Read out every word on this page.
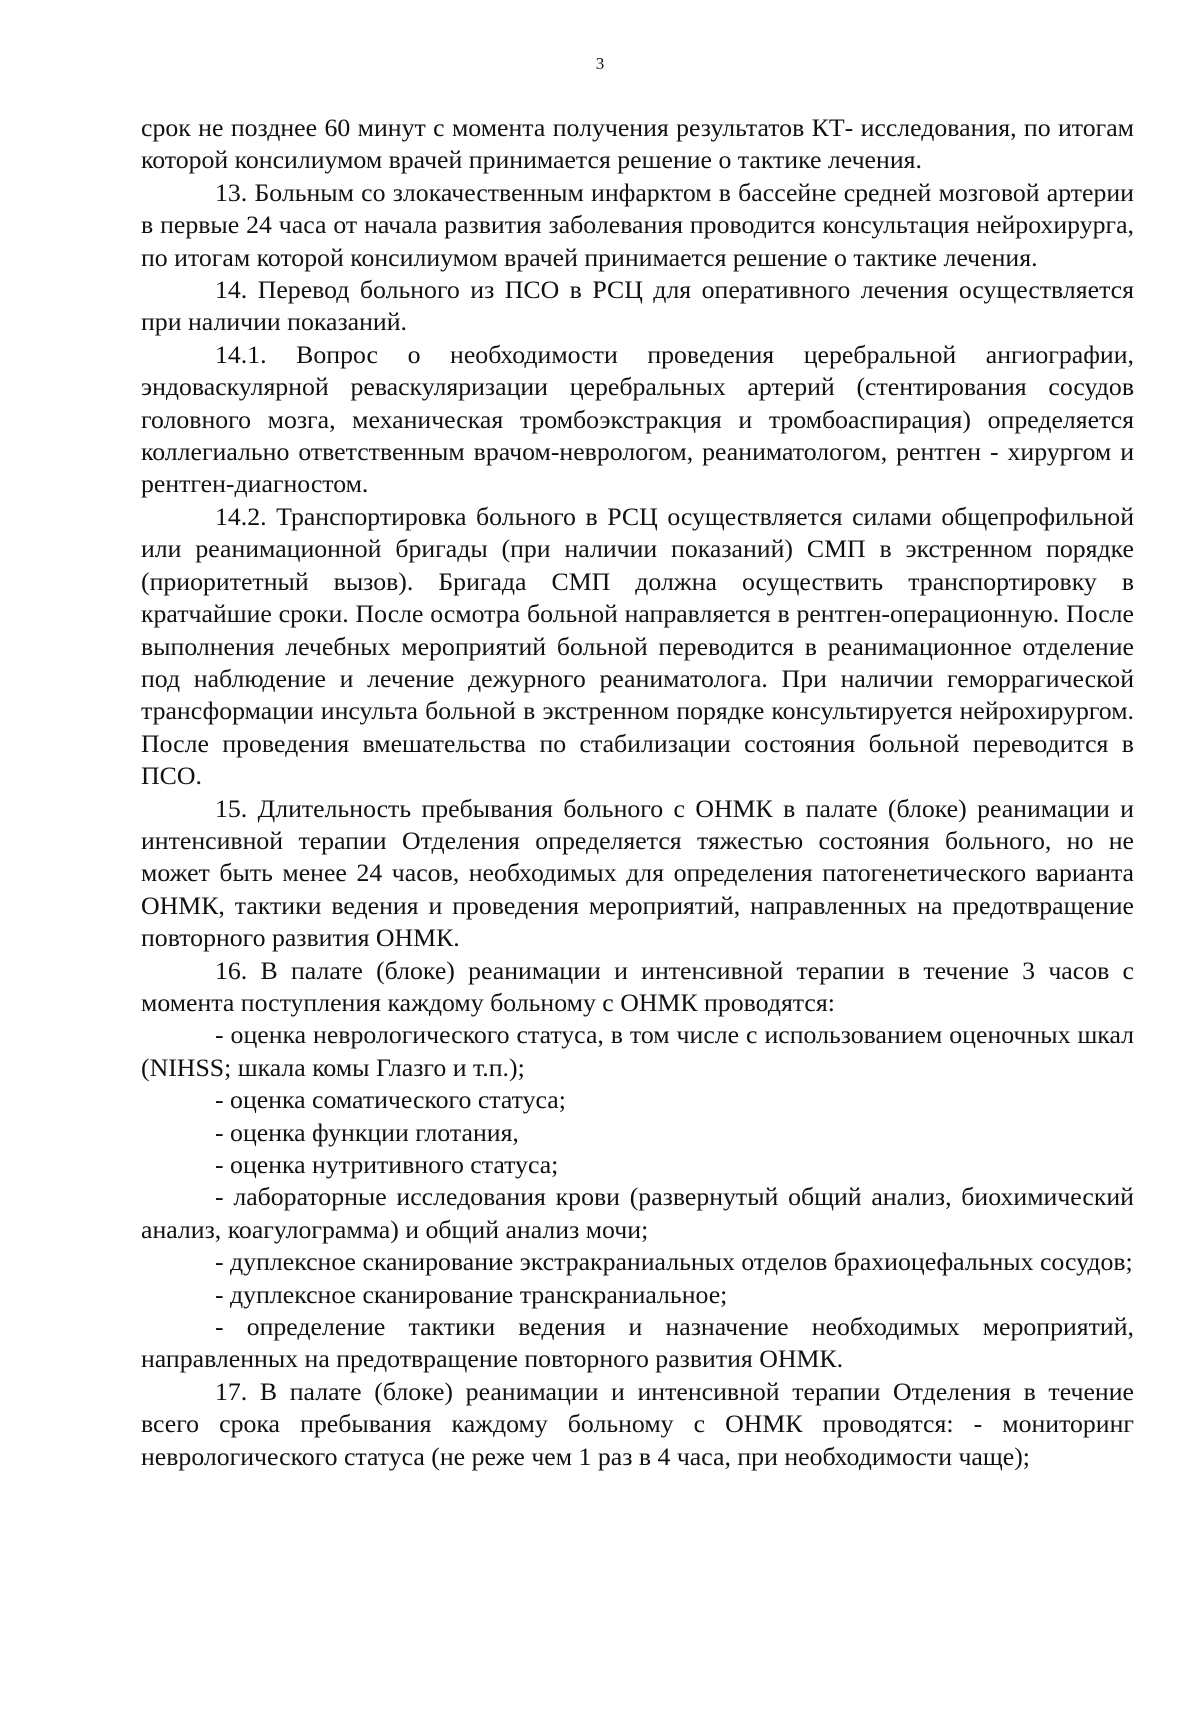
3

срок не позднее 60 минут с момента получения результатов КТ- исследования, по итогам которой консилиумом врачей принимается решение о тактике лечения.

13. Больным со злокачественным инфарктом в бассейне средней мозговой артерии в первые 24 часа от начала развития заболевания проводится консультация нейрохирурга, по итогам которой консилиумом врачей принимается решение о тактике лечения.

14. Перевод больного из ПСО в РСЦ для оперативного лечения осуществляется при наличии показаний.

14.1. Вопрос о необходимости проведения церебральной ангиографии, эндоваскулярной реваскуляризации церебральных артерий (стентирования сосудов головного мозга, механическая тромбоэкстракция и тромбоаспирация) определяется коллегиально ответственным врачом-неврологом, реаниматологом, рентген - хирургом и рентген-диагностом.

14.2. Транспортировка больного в РСЦ осуществляется силами общепрофильной или реанимационной бригады (при наличии показаний) СМП в экстренном порядке (приоритетный вызов). Бригада СМП должна осуществить транспортировку в кратчайшие сроки. После осмотра больной направляется в рентген-операционную. После выполнения лечебных мероприятий больной переводится в реанимационное отделение под наблюдение и лечение дежурного реаниматолога. При наличии геморрагической трансформации инсульта больной в экстренном порядке консультируется нейрохирургом. После проведения вмешательства по стабилизации состояния больной переводится в ПСО.

15. Длительность пребывания больного с ОНМК в палате (блоке) реанимации и интенсивной терапии Отделения определяется тяжестью состояния больного, но не может быть менее 24 часов, необходимых для определения патогенетического варианта ОНМК, тактики ведения и проведения мероприятий, направленных на предотвращение повторного развития ОНМК.

16. В палате (блоке) реанимации и интенсивной терапии в течение 3 часов с момента поступления каждому больному с ОНМК проводятся:

- оценка неврологического статуса, в том числе с использованием оценочных шкал (NIHSS; шкала комы Глазго и т.п.);

- оценка соматического статуса;

- оценка функции глотания,

- оценка нутритивного статуса;

- лабораторные исследования крови (развернутый общий анализ, биохимический анализ, коагулограмма) и общий анализ мочи;

- дуплексное сканирование экстракраниальных отделов брахиоцефальных сосудов;

- дуплексное сканирование транскраниальное;

- определение тактики ведения и назначение необходимых мероприятий, направленных на предотвращение повторного развития ОНМК.

17. В палате (блоке) реанимации и интенсивной терапии Отделения в течение всего срока пребывания каждому больному с ОНМК проводятся: - мониторинг неврологического статуса (не реже чем 1 раз в 4 часа, при необходимости чаще);
